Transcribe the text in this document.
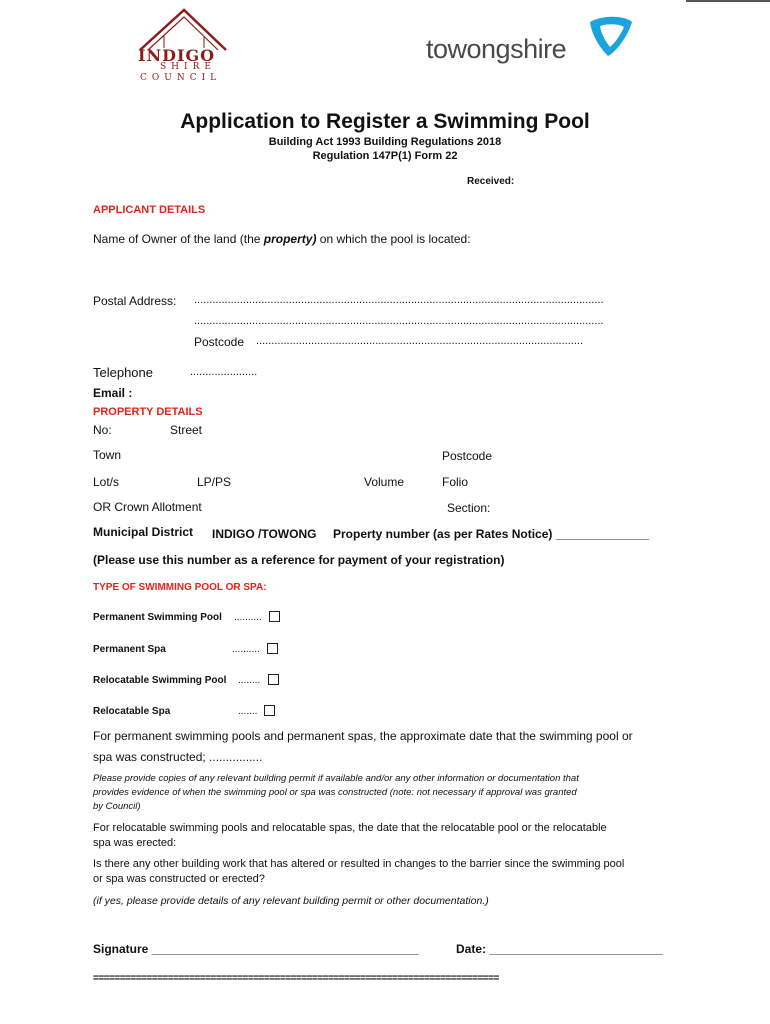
INDIGO
SHIRE
COUNCIL
towongshire
Application to Register a Swimming Pool
Building Act 1993 Building Regulations 2018
Regulation 147P(1) Form 22
Received:
APPLICANT DETAILS
Name of Owner of the land (the property) on which the pool is located:
Postal Address: ......................................................................................................................................
......................................................................................................................................
Postcode ...........................................................................................................
Telephone	......................
Email :
PROPERTY DETAILS
No:	Street
Town	Postcode
Lot/s	LP/PS	Volume	Folio
OR Crown Allotment	Section:
Municipal District INDIGO /TOWONG Property number (as per Rates Notice) ______________
(Please use this number as a reference for payment of your registration)
TYPE OF SWIMMING POOL OR SPA:
Permanent Swimming Pool ..........
Permanent Spa	..........
Relocatable Swimming Pool ........
Relocatable Spa	.......
For permanent swimming pools and permanent spas, the approximate date that the swimming pool or
spa was constructed; ................
Please provide copies of any relevant building permit if available and/or any other information or documentation that
provides evidence of when the swimming pool or spa was constructed (note: not necessary if approval was granted
by Council)
For relocatable swimming pools and relocatable spas, the date that the relocatable pool or the relocatable
spa was erected:
Is there any other building work that has altered or resulted in changes to the barrier since the swimming pool
or spa was constructed or erected?
(if yes, please provide details of any relevant building permit or other documentation.)
Signature ________________________________________	Date: __________________________
============================================================================
